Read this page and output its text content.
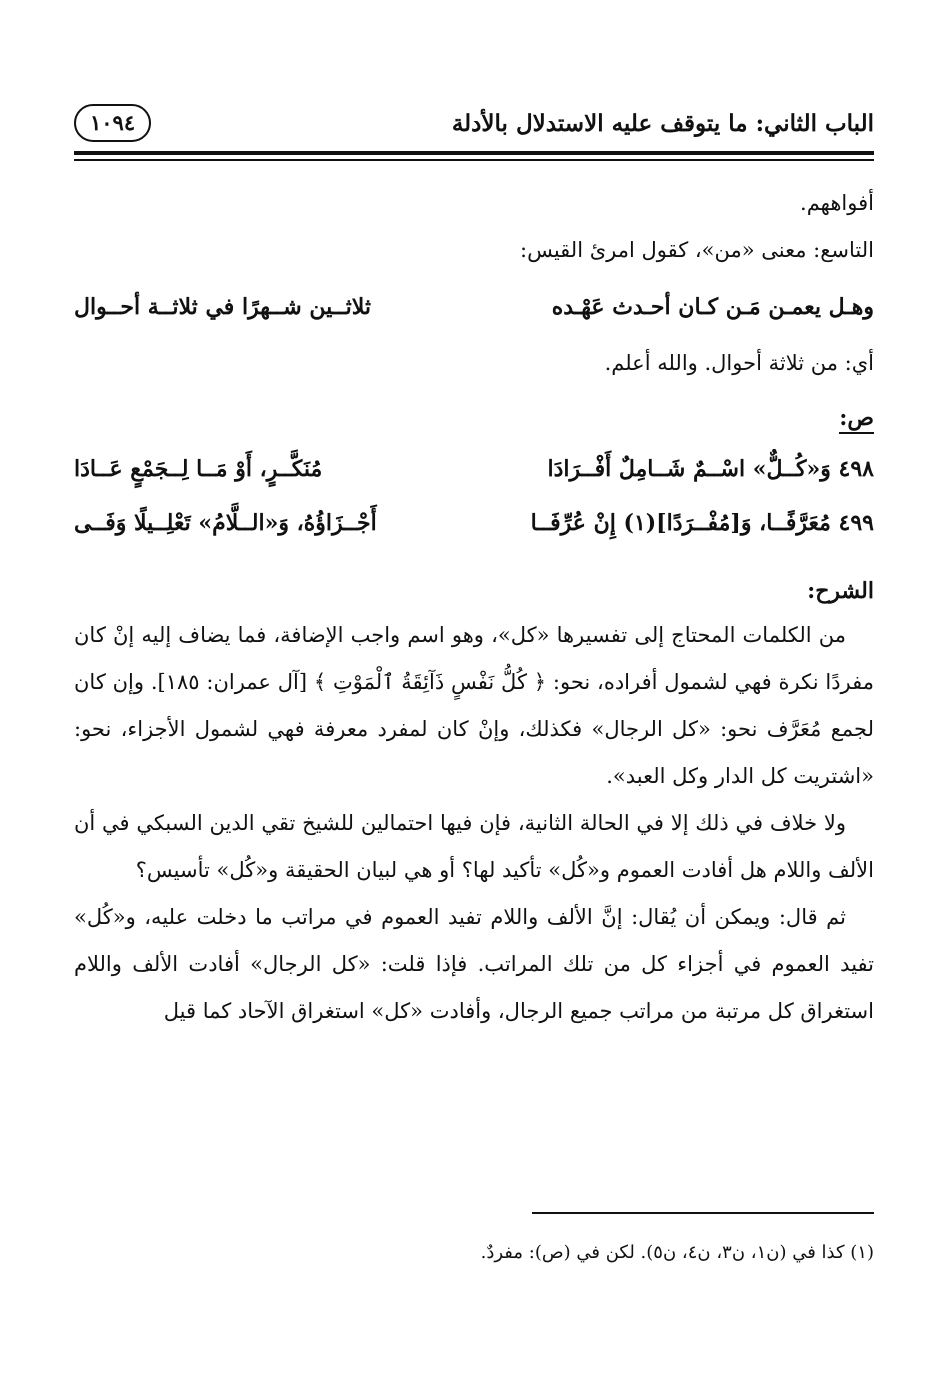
الباب الثاني: ما يتوقف عليه الاستدلال بالأدلة
١٠٩٤

أفواههم.

التاسع: معنى «من»، كقول امرئ القيس:

وهـل يعمـن مَـن كـان أحـدث عَهْـده
ثلاثــين شــهرًا في ثلاثــة أحــوال

أي: من ثلاثة أحوال. والله أعلم.

ص:
٤٩٨ وَ«كُــلٌّ» اسْــمٌ شَــامِلٌ أَفْــرَادَا
مُنَكَّــرٍ، أَوْ مَــا لِــجَمْعٍ عَــادَا
٤٩٩ مُعَرَّفًــا، وَ[مُفْــرَدًا](١) إِنْ عُرِّفَــا
أَجْــزَاؤُهُ، وَ«الــلَّامُ» تَعْلِــيلًا وَفَــى
الشرح:

من الكلمات المحتاج إلى تفسيرها «كل»، وهو اسم واجب الإضافة، فما يضاف إليه إنْ كان مفردًا نكرة فهي لشمول أفراده، نحو: ﴿ كُلُّ نَفْسٍ ذَآئِقَةُ ٱلْمَوْتِ ﴾ [آل عمران: ١٨٥]. وإن كان لجمع مُعَرَّف نحو: «كل الرجال» فكذلك، وإنْ كان لمفرد معرفة فهي لشمول الأجزاء، نحو: «اشتريت كل الدار وكل العبد».

ولا خلاف في ذلك إلا في الحالة الثانية، فإن فيها احتمالين للشيخ تقي الدين السبكي في أن الألف واللام هل أفادت العموم و«كُل» تأكيد لها؟ أو هي لبيان الحقيقة و«كُل» تأسيس؟

ثم قال: ويمكن أن يُقال: إنَّ الألف واللام تفيد العموم في مراتب ما دخلت عليه، و«كُل» تفيد العموم في أجزاء كل من تلك المراتب. فإذا قلت: «كل الرجال» أفادت الألف واللام استغراق كل مرتبة من مراتب جميع الرجال، وأفادت «كل» استغراق الآحاد كما قيل

(١) كذا في (ن١، ن٣، ن٤، ن٥). لكن في (ص): مفردٌ.
